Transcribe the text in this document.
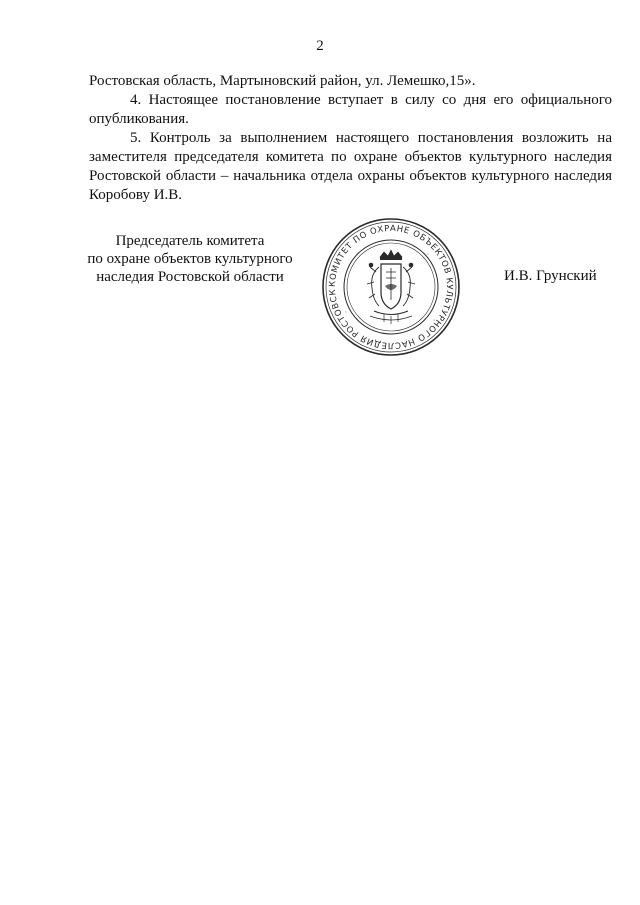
2

Ростовская область, Мартыновский район, ул. Лемешко,15».

4. Настоящее постановление вступает в силу со дня его официального опубликования.

5. Контроль за выполнением настоящего постановления возложить на заместителя председателя комитета по охране объектов культурного наследия Ростовской области – начальника отдела охраны объектов культурного наследия Коробову И.В.

Председатель комитета
по охране объектов культурного
наследия Ростовской области	КОМИТЕТ ПО ОХРАНЕ ОБЪЕКТОВ КУЛЬТУРНОГО НАСЛЕДИЯ РОСТОВСК
И.В. Грунский
